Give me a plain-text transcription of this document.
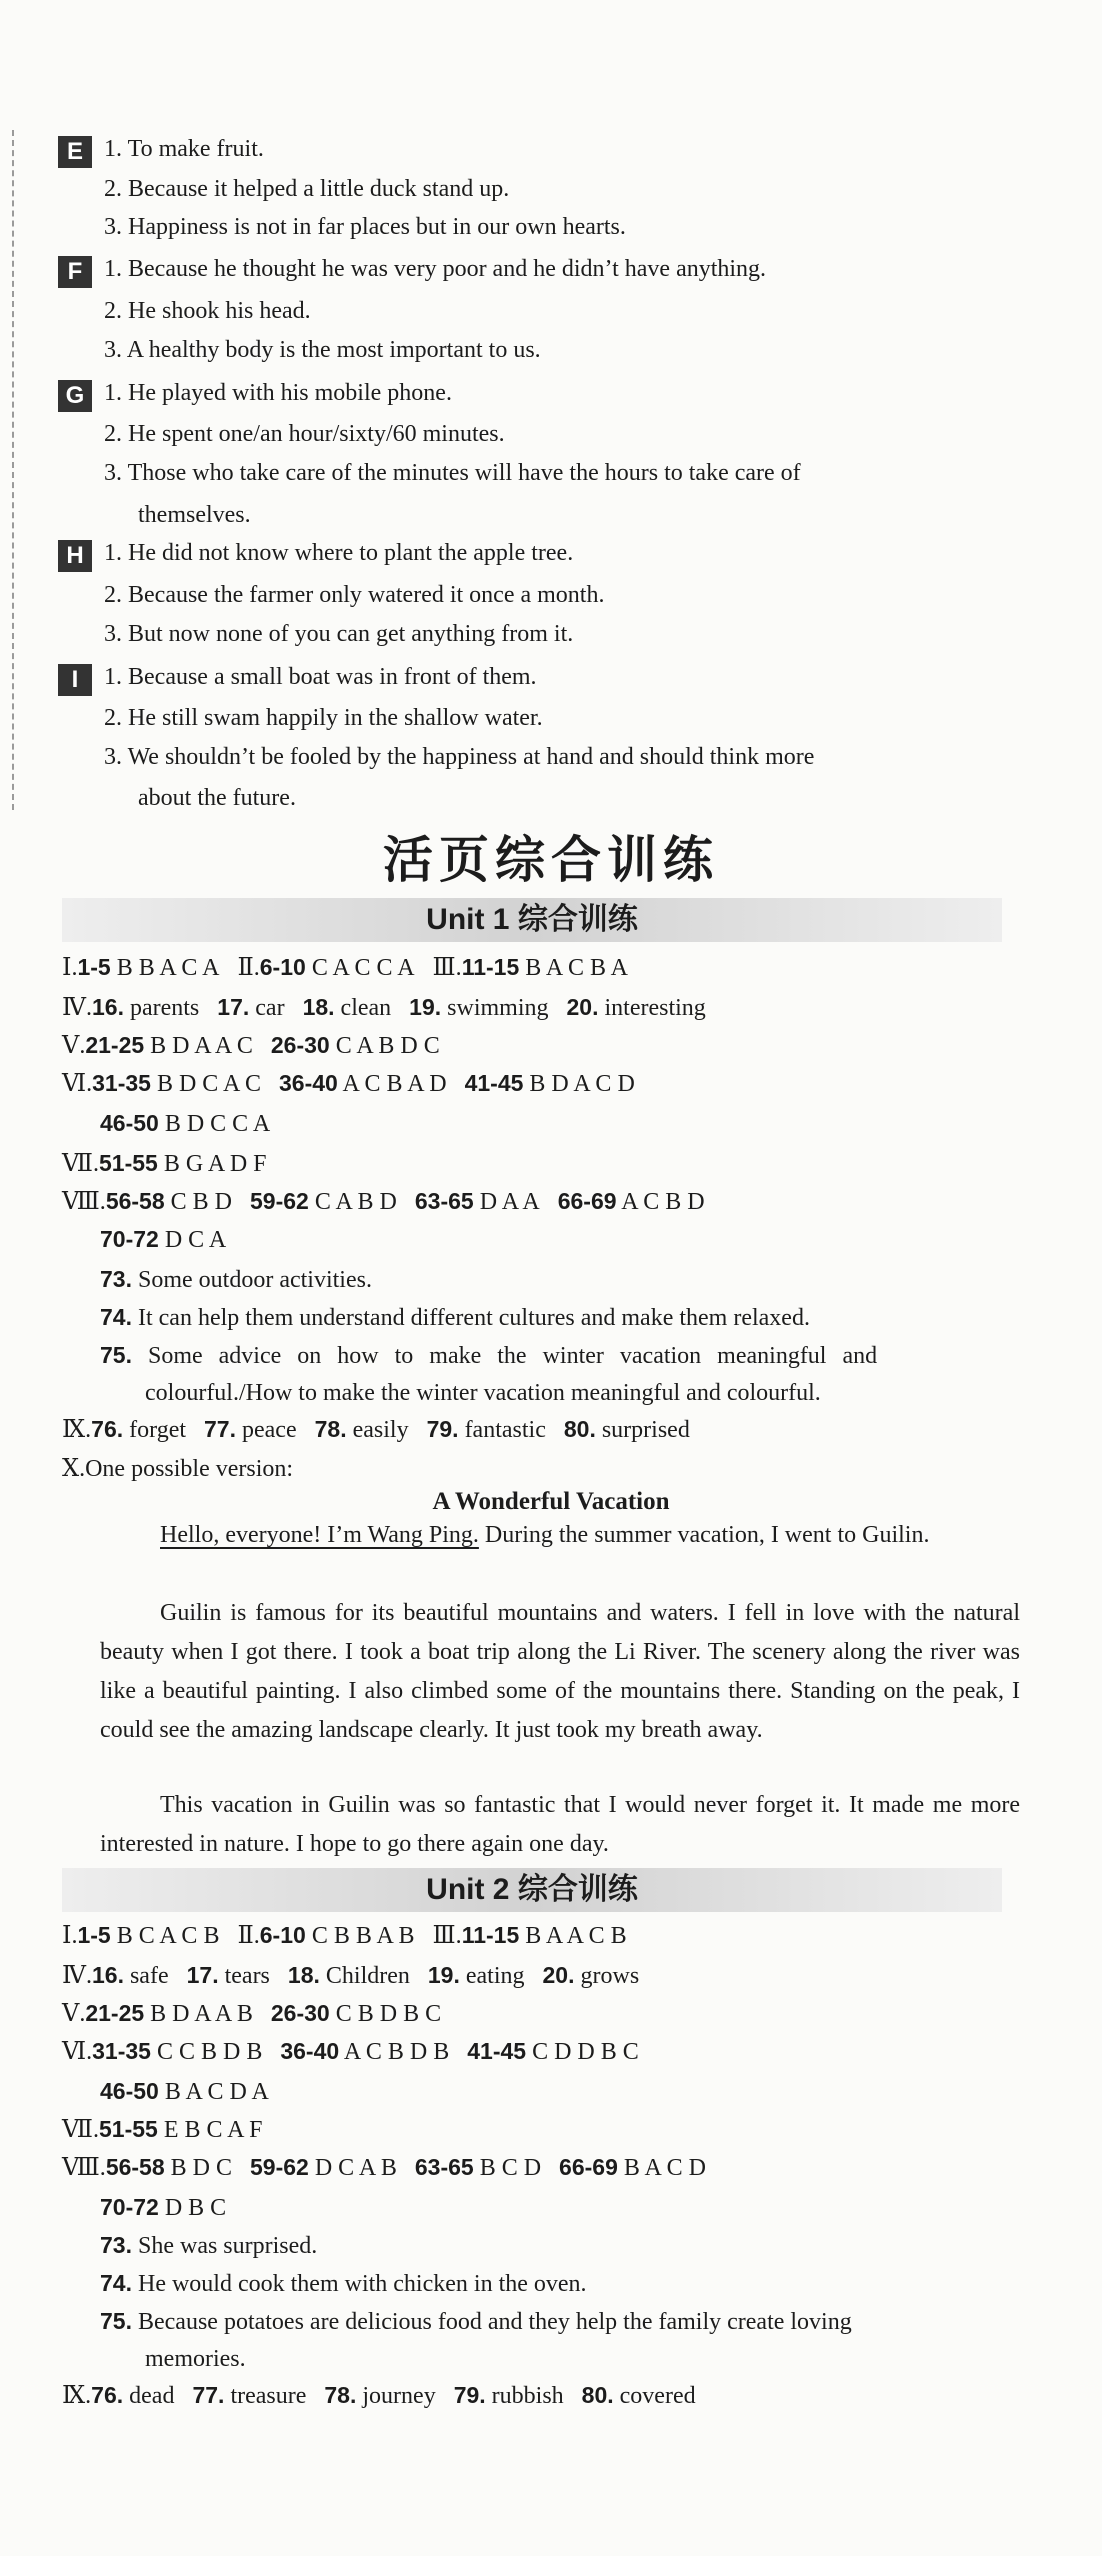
E 1. To make fruit.
2. Because it helped a little duck stand up.
3. Happiness is not in far places but in our own hearts.
F 1. Because he thought he was very poor and he didn’t have anything.
2. He shook his head.
3. A healthy body is the most important to us.
G 1. He played with his mobile phone.
2. He spent one/an hour/sixty/60 minutes.
3. Those who take care of the minutes will have the hours to take care of
themselves.
H 1. He did not know where to plant the apple tree.
2. Because the farmer only watered it once a month.
3. But now none of you can get anything from it.
I	1. Because a small boat was in front of them.
2. He still swam happily in the shallow water.
3. We shouldn’t be fooled by the happiness at hand and should think more
about the future.
活页综合训练
Unit 1 综合训练
Ⅰ.1-5 B B A C A Ⅱ.6-10 C A C C A Ⅲ.11-15 B A C B A
Ⅳ.16. parents 17. car 18. clean 19. swimming 20. interesting
Ⅴ.21-25 B D A A C 26-30 C A B D C
Ⅵ.31-35 B D C A C 36-40 A C B A D 41-45 B D A C D
46-50 B D C C A
Ⅶ.51-55 B G A D F
Ⅷ.56-58 C B D 59-62 C A B D 63-65 D A A 66-69 A C B D
70-72 D C A
73. Some outdoor activities.
74. It can help them understand different cultures and make them relaxed.
75. Some advice on how to make the winter vacation meaningful and
colourful./How to make the winter vacation meaningful and colourful.
Ⅸ.76. forget 77. peace 78. easily 79. fantastic 80. surprised
Ⅹ.One possible version:
A Wonderful Vacation
Hello, everyone! I’m Wang Ping. During the summer vacation, I went to Guilin.
Guilin is famous for its beautiful mountains and waters. I fell in love with the natural beauty when I got there. I took a boat trip along the Li River. The scenery along the river was like a beautiful painting. I also climbed some of the mountains there. Standing on the peak, I could see the amazing landscape clearly. It just took my breath away.
This vacation in Guilin was so fantastic that I would never forget it. It made me more interested in nature. I hope to go there again one day.
Unit 2 综合训练
Ⅰ.1-5 B C A C B Ⅱ.6-10 C B B A B Ⅲ.11-15 B A A C B
Ⅳ.16. safe 17. tears 18. Children 19. eating 20. grows
Ⅴ.21-25 B D A A B 26-30 C B D B C
Ⅵ.31-35 C C B D B 36-40 A C B D B 41-45 C D D B C
46-50 B A C D A
Ⅶ.51-55 E B C A F
Ⅷ.56-58 B D C 59-62 D C A B 63-65 B C D 66-69 B A C D
70-72 D B C
73. She was surprised.
74. He would cook them with chicken in the oven.
75. Because potatoes are delicious food and they help the family create loving
memories.
Ⅸ.76. dead 77. treasure 78. journey 79. rubbish 80. covered
